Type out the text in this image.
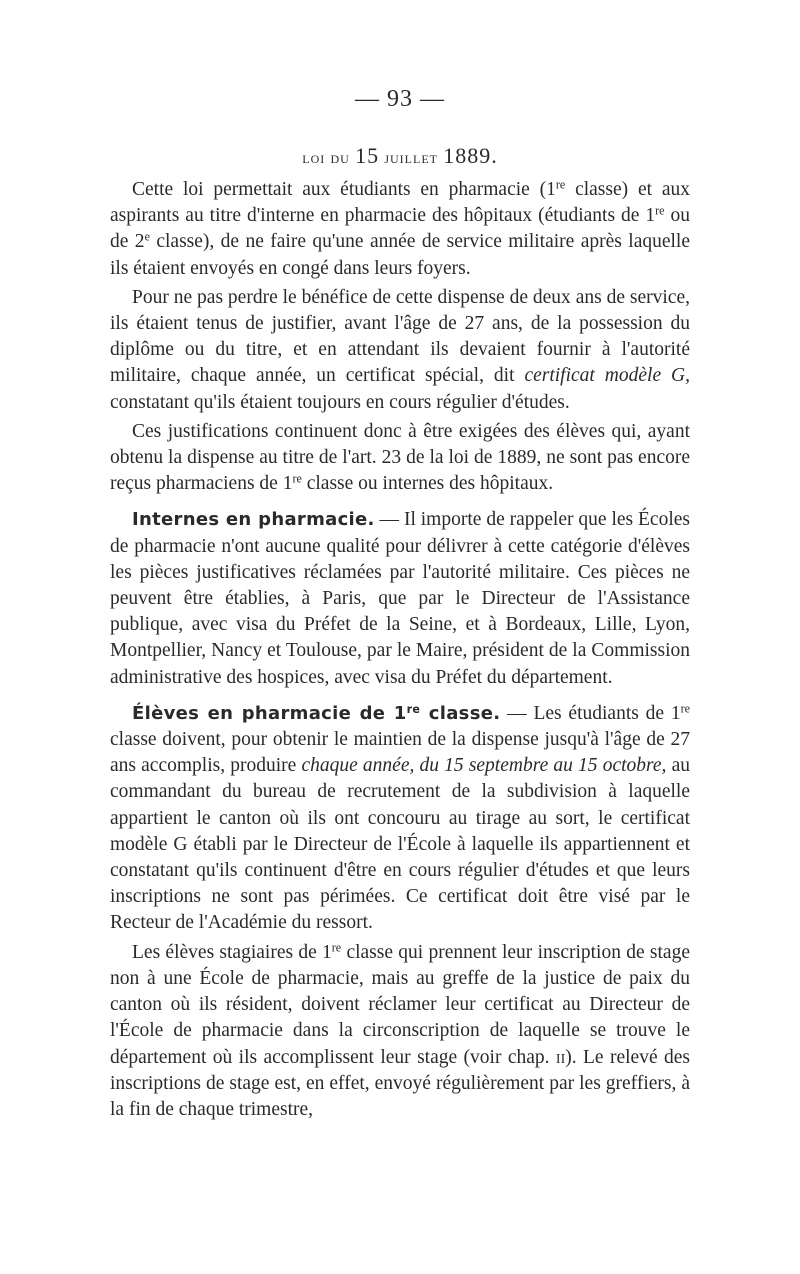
— 93 —
loi du 15 juillet 1889.

Cette loi permettait aux étudiants en pharmacie (1re classe) et aux aspirants au titre d'interne en pharmacie des hôpitaux (étudiants de 1re ou de 2e classe), de ne faire qu'une année de service militaire après laquelle ils étaient envoyés en congé dans leurs foyers.

Pour ne pas perdre le bénéfice de cette dispense de deux ans de service, ils étaient tenus de justifier, avant l'âge de 27 ans, de la possession du diplôme ou du titre, et en attendant ils devaient fournir à l'autorité militaire, chaque année, un certificat spécial, dit certificat modèle G, constatant qu'ils étaient toujours en cours régulier d'études.

Ces justifications continuent donc à être exigées des élèves qui, ayant obtenu la dispense au titre de l'art. 23 de la loi de 1889, ne sont pas encore reçus pharmaciens de 1re classe ou internes des hôpitaux.

Internes en pharmacie. — Il importe de rappeler que les Écoles de pharmacie n'ont aucune qualité pour délivrer à cette catégorie d'élèves les pièces justificatives réclamées par l'autorité militaire. Ces pièces ne peuvent être établies, à Paris, que par le Directeur de l'Assistance publique, avec visa du Préfet de la Seine, et à Bordeaux, Lille, Lyon, Montpellier, Nancy et Toulouse, par le Maire, président de la Commission administrative des hospices, avec visa du Préfet du département.

Élèves en pharmacie de 1re classe. — Les étudiants de 1re classe doivent, pour obtenir le maintien de la dispense jusqu'à l'âge de 27 ans accomplis, produire chaque année, du 15 septembre au 15 octobre, au commandant du bureau de recrutement de la subdivision à laquelle appartient le canton où ils ont concouru au tirage au sort, le certificat modèle G établi par le Directeur de l'École à laquelle ils appartiennent et constatant qu'ils continuent d'être en cours régulier d'études et que leurs inscriptions ne sont pas périmées. Ce certificat doit être visé par le Recteur de l'Académie du ressort.

Les élèves stagiaires de 1re classe qui prennent leur inscription de stage non à une École de pharmacie, mais au greffe de la justice de paix du canton où ils résident, doivent réclamer leur certificat au Directeur de l'École de pharmacie dans la circonscription de laquelle se trouve le département où ils accomplissent leur stage (voir chap. ii). Le relevé des inscriptions de stage est, en effet, envoyé régulièrement par les greffiers, à la fin de chaque trimestre,
